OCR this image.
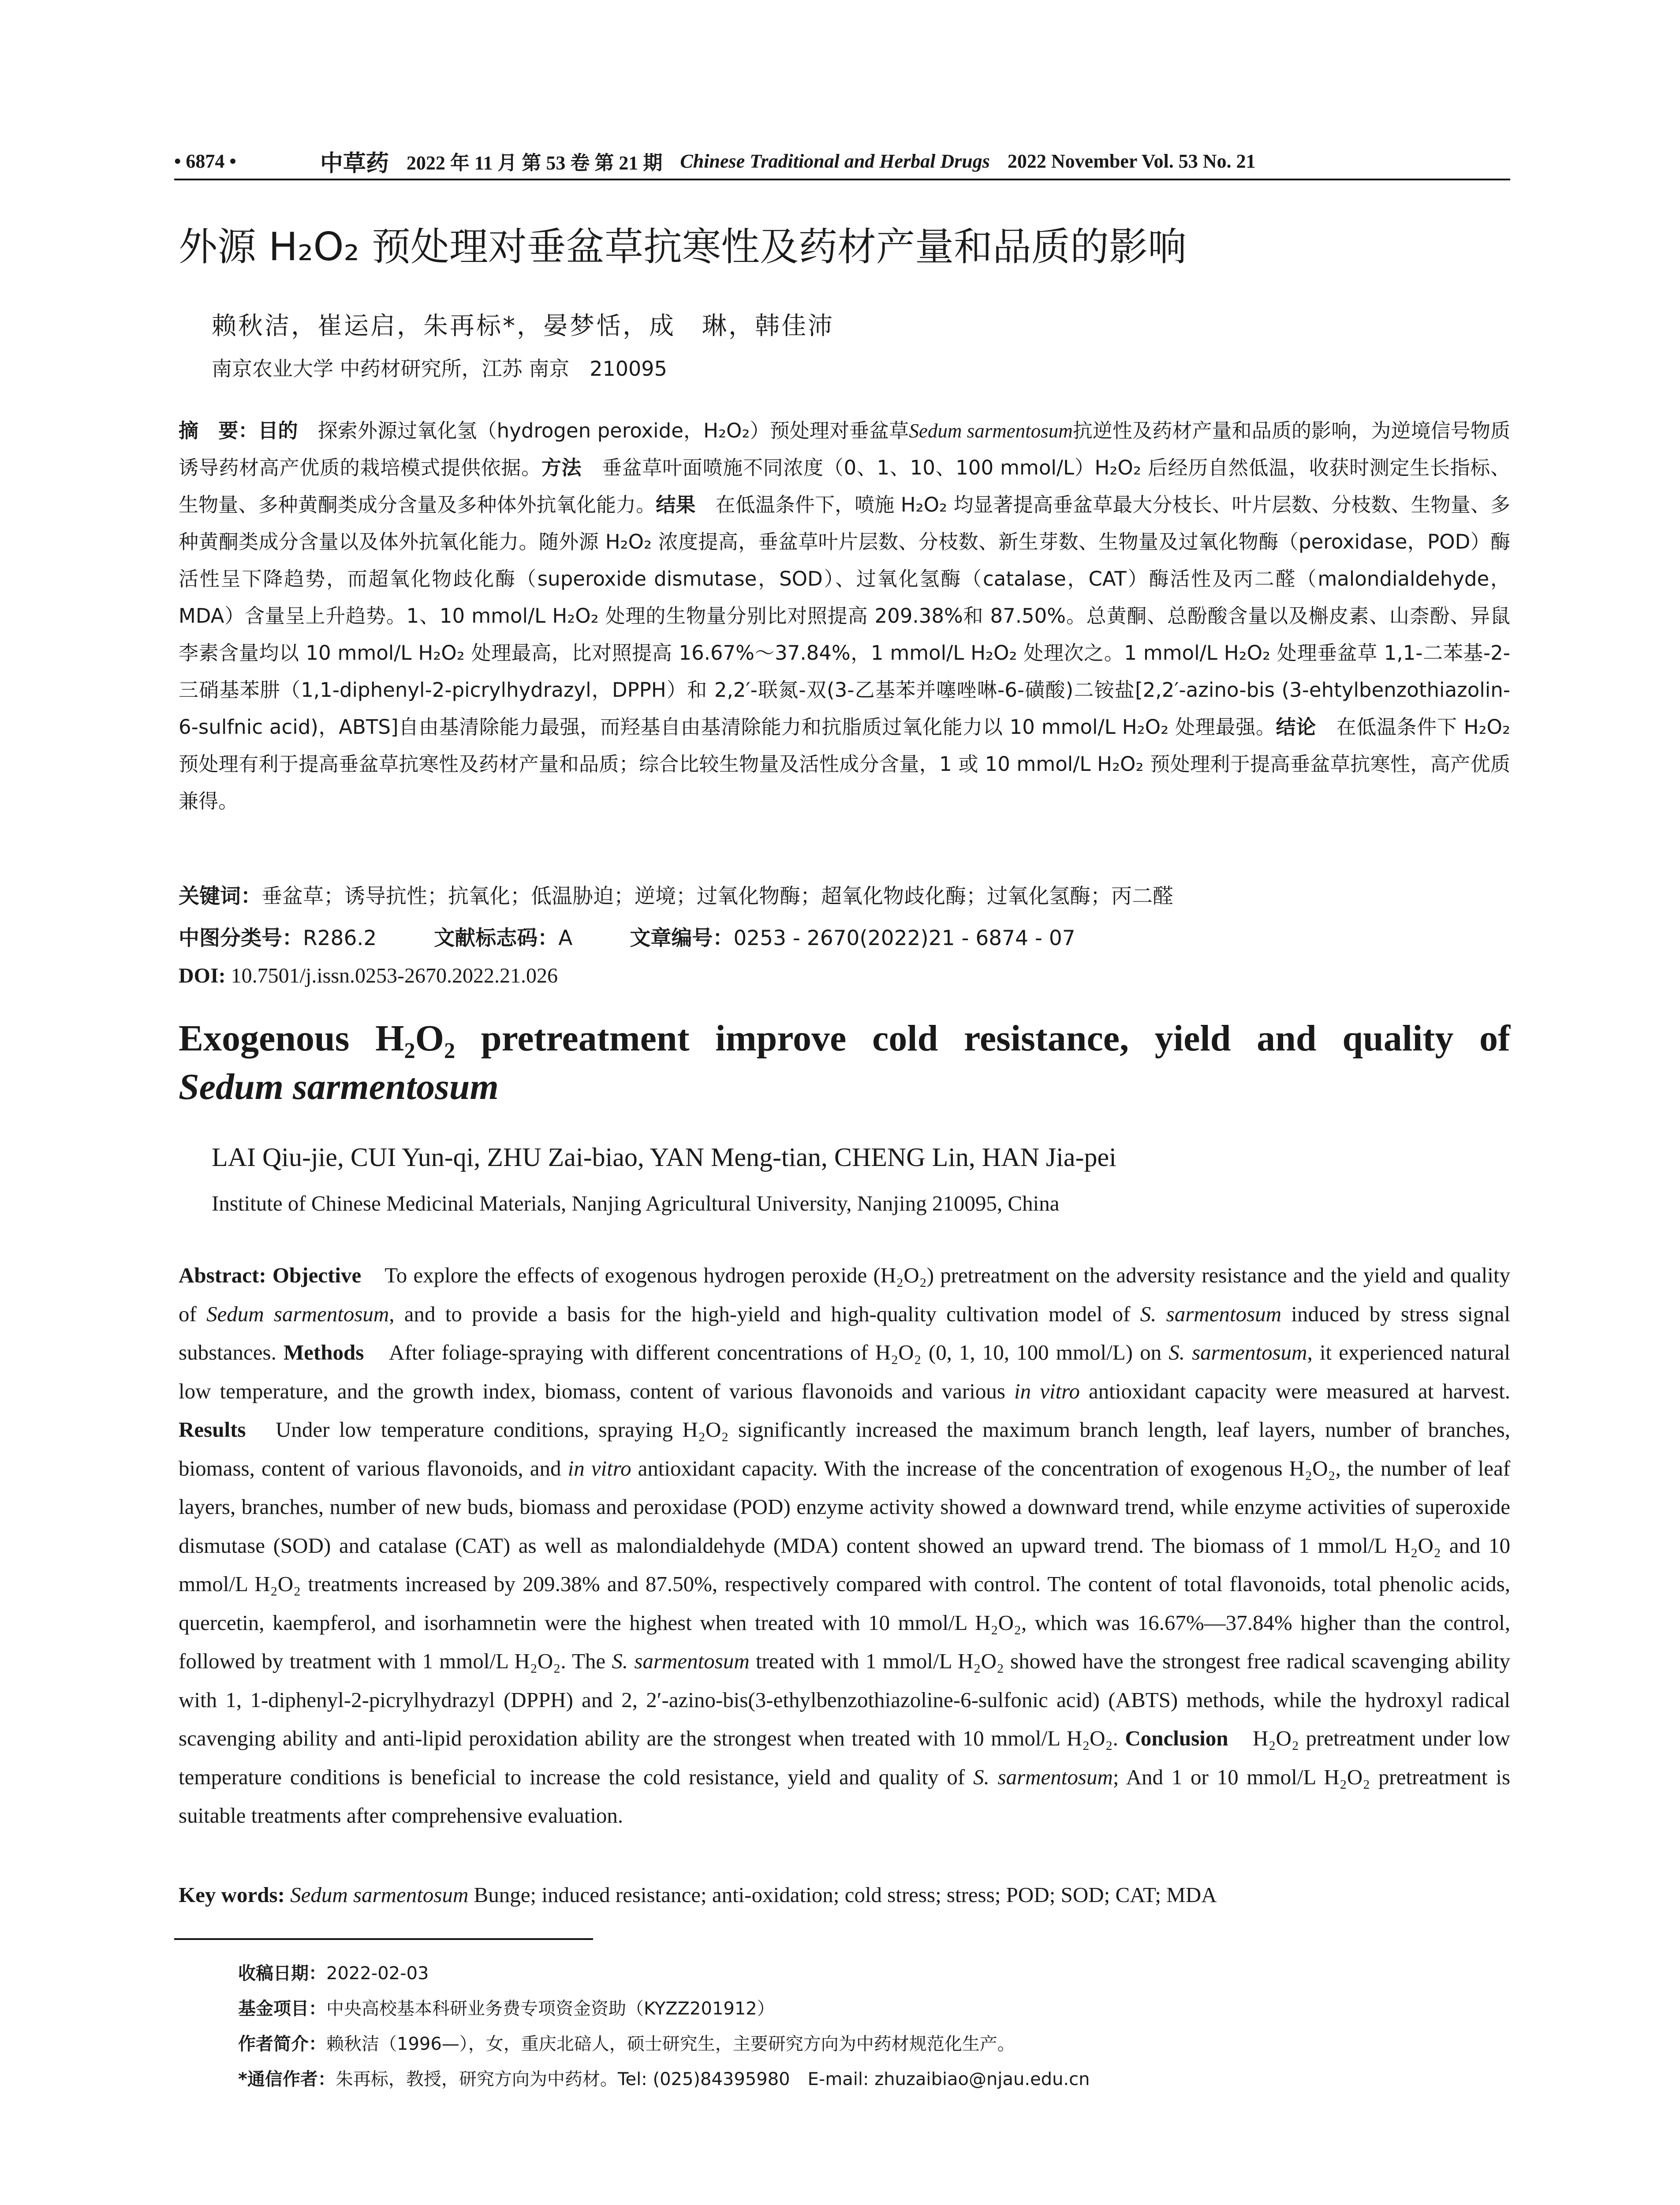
• 6874 •	中草药 2022 年 11 月 第 53 卷 第 21 期 Chinese Traditional and Herbal Drugs 2022 November Vol. 53 No. 21
外源 H₂O₂ 预处理对垂盆草抗寒性及药材产量和品质的影响
赖秋洁，崔运启，朱再标*，晏梦恬，成　琳，韩佳沛
南京农业大学 中药材研究所，江苏 南京　210095
摘　要：目的　探索外源过氧化氢（hydrogen peroxide，H₂O₂）预处理对垂盆草Sedum sarmentosum抗逆性及药材产量和品质的影响，为逆境信号物质诱导药材高产优质的栽培模式提供依据。方法　垂盆草叶面喷施不同浓度（0、1、10、100 mmol/L）H₂O₂ 后经历自然低温，收获时测定生长指标、生物量、多种黄酮类成分含量及多种体外抗氧化能力。结果　在低温条件下，喷施 H₂O₂ 均显著提高垂盆草最大分枝长、叶片层数、分枝数、生物量、多种黄酮类成分含量以及体外抗氧化能力。随外源 H₂O₂ 浓度提高，垂盆草叶片层数、分枝数、新生芽数、生物量及过氧化物酶（peroxidase，POD）酶活性呈下降趋势，而超氧化物歧化酶（superoxide dismutase，SOD）、过氧化氢酶（catalase，CAT）酶活性及丙二醛（malondialdehyde，MDA）含量呈上升趋势。1、10 mmol/L H₂O₂ 处理的生物量分别比对照提高 209.38%和 87.50%。总黄酮、总酚酸含量以及槲皮素、山柰酚、异鼠李素含量均以 10 mmol/L H₂O₂ 处理最高，比对照提高 16.67%～37.84%，1 mmol/L H₂O₂ 处理次之。1 mmol/L H₂O₂ 处理垂盆草 1,1-二苯基-2-三硝基苯肼（1,1-diphenyl-2-picrylhydrazyl，DPPH）和 2,2′-联氮-双(3-乙基苯并噻唑啉-6-磺酸)二铵盐[2,2′-azino-bis (3-ehtylbenzothiazolin-6-sulfnic acid)，ABTS]自由基清除能力最强，而羟基自由基清除能力和抗脂质过氧化能力以 10 mmol/L H₂O₂ 处理最强。结论　在低温条件下 H₂O₂ 预处理有利于提高垂盆草抗寒性及药材产量和品质；综合比较生物量及活性成分含量，1 或 10 mmol/L H₂O₂ 预处理利于提高垂盆草抗寒性，高产优质兼得。
关键词：垂盆草；诱导抗性；抗氧化；低温胁迫；逆境；过氧化物酶；超氧化物歧化酶；过氧化氢酶；丙二醛
中图分类号：R286.2	文献标志码：A	文章编号：0253 - 2670(2022)21 - 6874 - 07
DOI: 10.7501/j.issn.0253-2670.2022.21.026
Exogenous H₂O₂ pretreatment improve cold resistance, yield and quality of
Sedum sarmentosum
LAI Qiu-jie, CUI Yun-qi, ZHU Zai-biao, YAN Meng-tian, CHENG Lin, HAN Jia-pei
Institute of Chinese Medicinal Materials, Nanjing Agricultural University, Nanjing 210095, China
Abstract: Objective　To explore the effects of exogenous hydrogen peroxide (H₂O₂) pretreatment on the adversity resistance and the yield and quality of Sedum sarmentosum, and to provide a basis for the high-yield and high-quality cultivation model of S. sarmentosum induced by stress signal substances. Methods　After foliage-spraying with different concentrations of H₂O₂ (0, 1, 10, 100 mmol/L) on S. sarmentosum, it experienced natural low temperature, and the growth index, biomass, content of various flavonoids and various in vitro antioxidant capacity were measured at harvest. Results　Under low temperature conditions, spraying H₂O₂ significantly increased the maximum branch length, leaf layers, number of branches, biomass, content of various flavonoids, and in vitro antioxidant capacity. With the increase of the concentration of exogenous H₂O₂, the number of leaf layers, branches, number of new buds, biomass and peroxidase (POD) enzyme activity showed a downward trend, while enzyme activities of superoxide dismutase (SOD) and catalase (CAT) as well as malondialdehyde (MDA) content showed an upward trend. The biomass of 1 mmol/L H₂O₂ and 10 mmol/L H₂O₂ treatments increased by 209.38% and 87.50%, respectively compared with control. The content of total flavonoids, total phenolic acids, quercetin, kaempferol, and isorhamnetin were the highest when treated with 10 mmol/L H₂O₂, which was 16.67%—37.84% higher than the control, followed by treatment with 1 mmol/L H₂O₂. The S. sarmentosum treated with 1 mmol/L H₂O₂ showed have the strongest free radical scavenging ability with 1, 1-diphenyl-2-picrylhydrazyl (DPPH) and 2, 2′-azino-bis(3-ethylbenzothiazoline-6-sulfonic acid) (ABTS) methods, while the hydroxyl radical scavenging ability and anti-lipid peroxidation ability are the strongest when treated with 10 mmol/L H₂O₂. Conclusion　H₂O₂ pretreatment under low temperature conditions is beneficial to increase the cold resistance, yield and quality of S. sarmentosum; And 1 or 10 mmol/L H₂O₂ pretreatment is suitable treatments after comprehensive evaluation.
Key words: Sedum sarmentosum Bunge; induced resistance; anti-oxidation; cold stress; stress; POD; SOD; CAT; MDA
收稿日期：2022-02-03
基金项目：中央高校基本科研业务费专项资金资助（KYZZ201912）
作者简介：赖秋洁（1996—），女，重庆北碚人，硕士研究生，主要研究方向为中药材规范化生产。
*通信作者：朱再标，教授，研究方向为中药材。Tel: (025)84395980　E-mail: zhuzaibiao@njau.edu.cn
